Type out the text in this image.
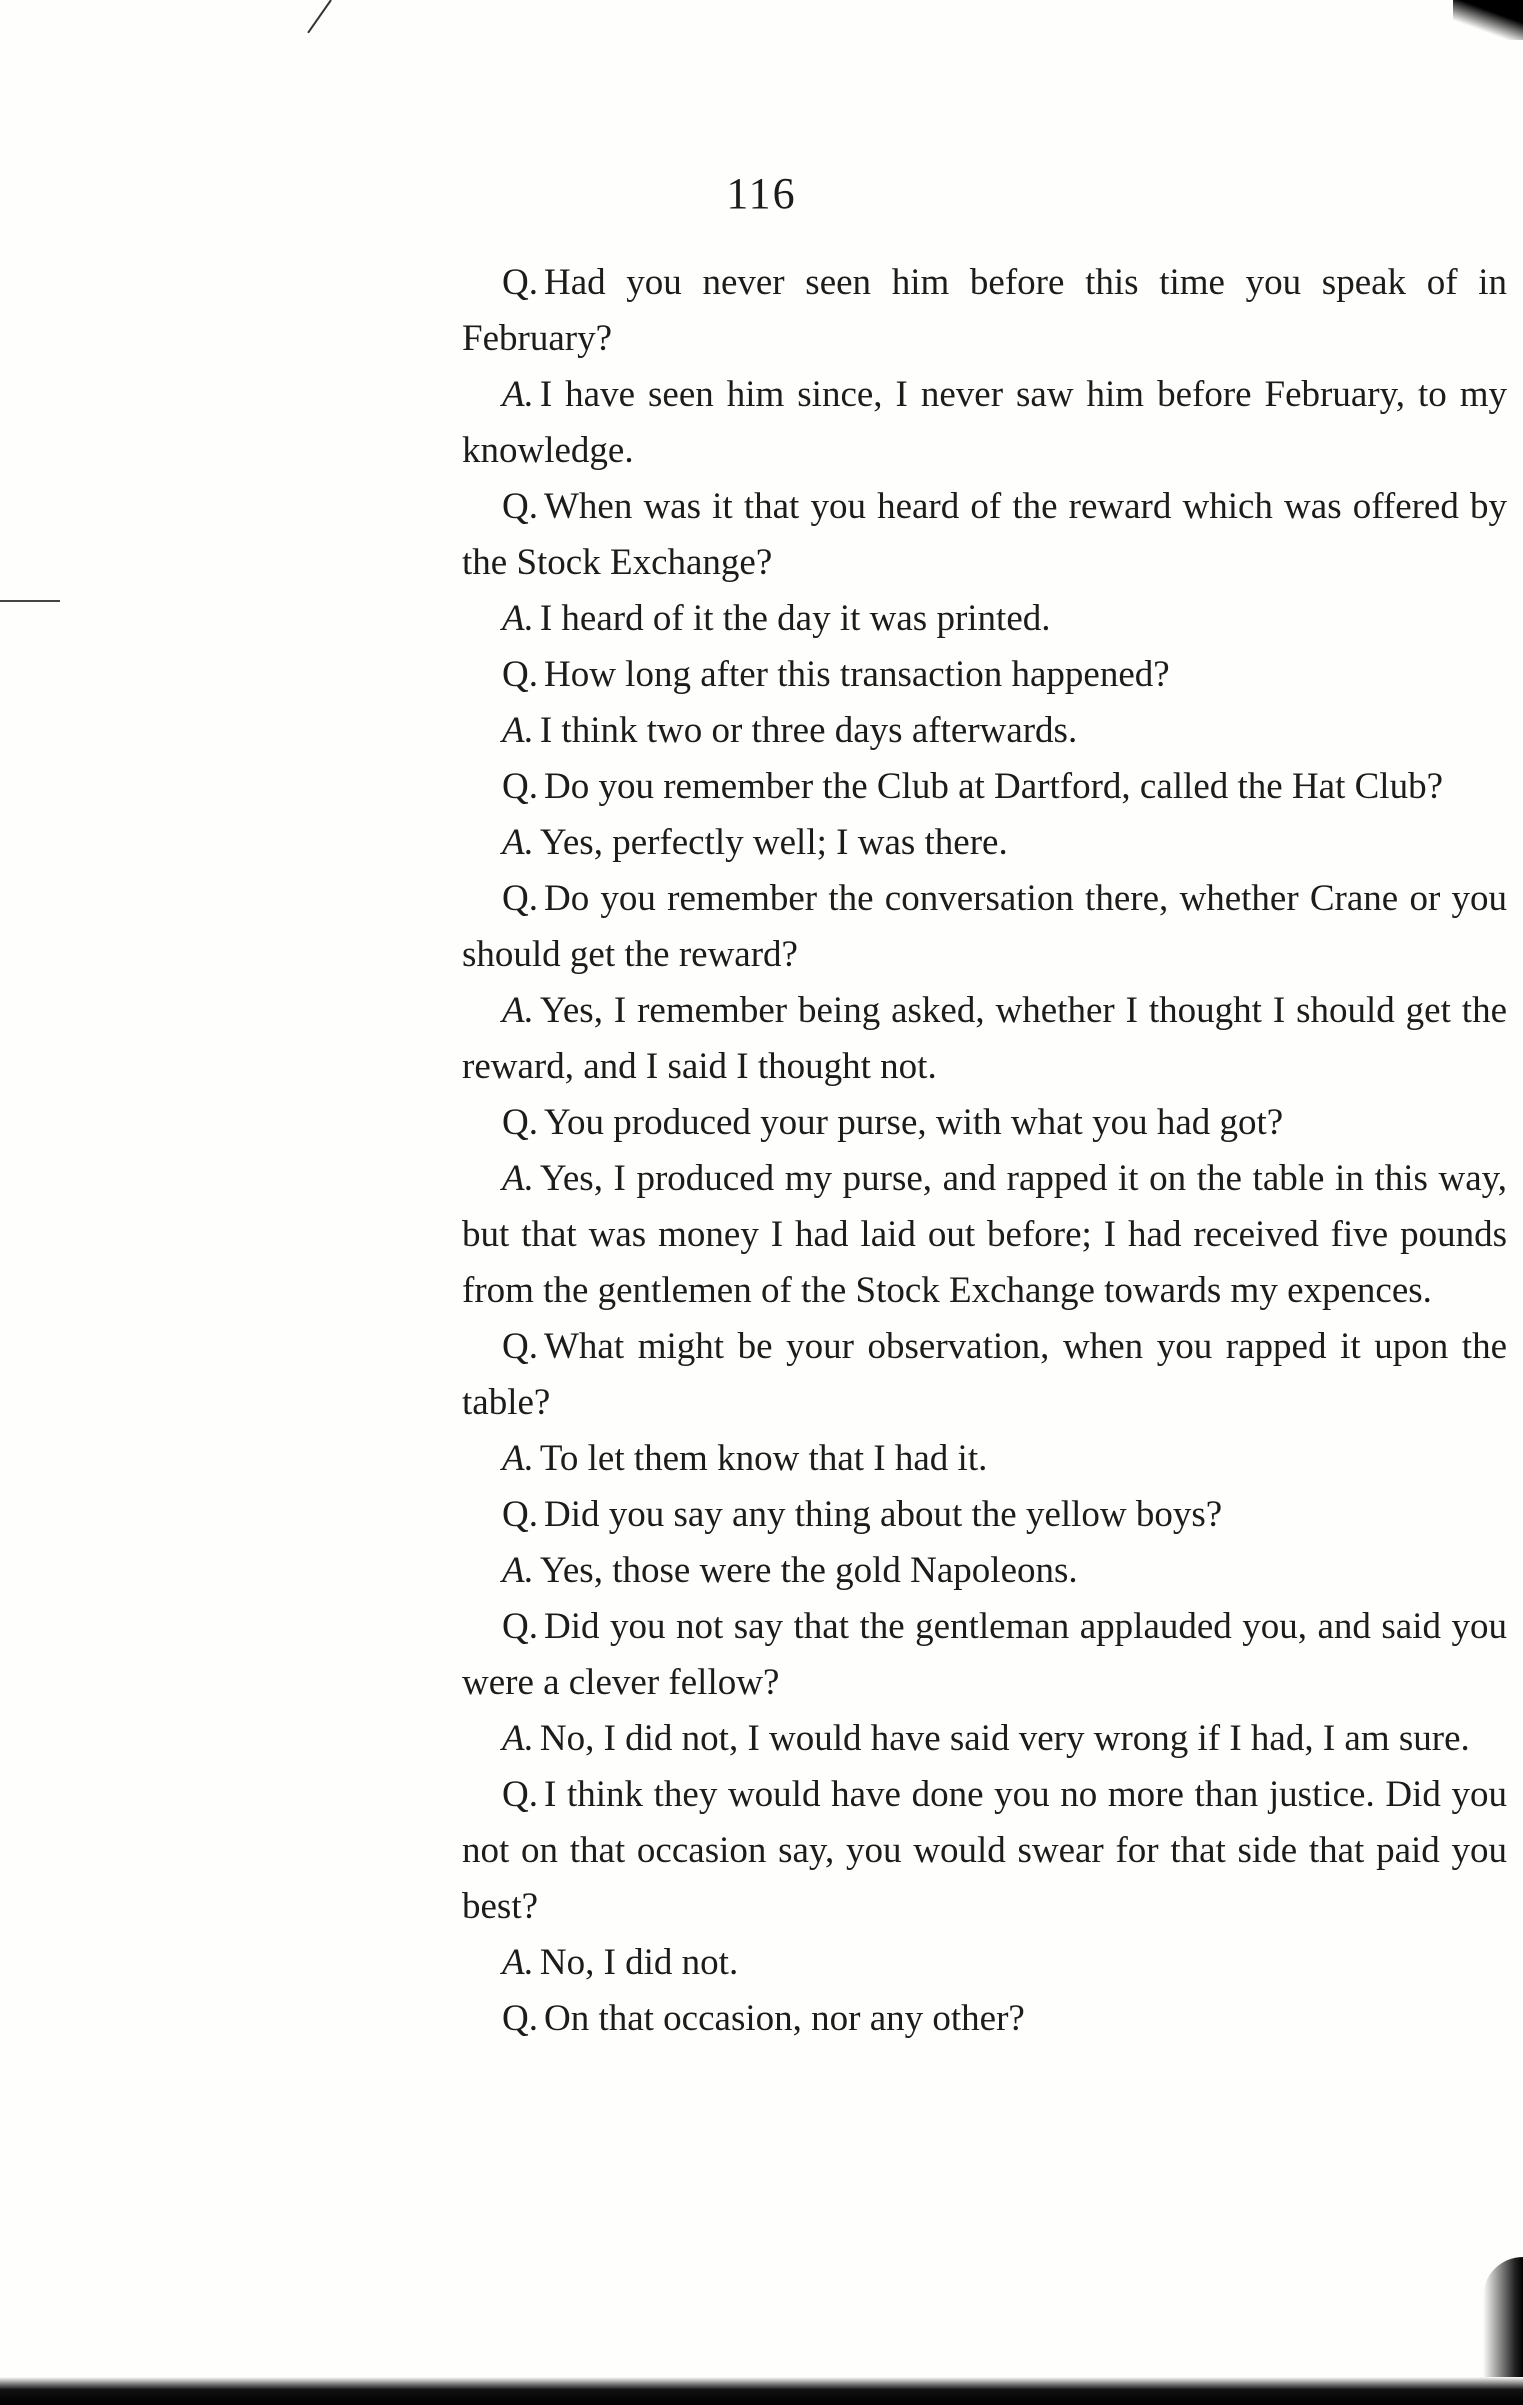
116

Q. Had you never seen him before this time you speak of in February?

A. I have seen him since, I never saw him before February, to my knowledge.

Q. When was it that you heard of the reward which was offered by the Stock Exchange?

A. I heard of it the day it was printed.

Q. How long after this transaction happened?

A. I think two or three days afterwards.

Q. Do you remember the Club at Dartford, called the Hat Club?

A. Yes, perfectly well; I was there.

Q. Do you remember the conversation there, whether Crane or you should get the reward?

A. Yes, I remember being asked, whether I thought I should get the reward, and I said I thought not.

Q. You produced your purse, with what you had got?

A. Yes, I produced my purse, and rapped it on the table in this way, but that was money I had laid out before; I had received five pounds from the gentlemen of the Stock Exchange towards my expences.

Q. What might be your observation, when you rapped it upon the table?

A. To let them know that I had it.

Q. Did you say any thing about the yellow boys?

A. Yes, those were the gold Napoleons.

Q. Did you not say that the gentleman applauded you, and said you were a clever fellow?

A. No, I did not, I would have said very wrong if I had, I am sure.

Q. I think they would have done you no more than justice. Did you not on that occasion say, you would swear for that side that paid you best?

A. No, I did not.

Q. On that occasion, nor any other?
